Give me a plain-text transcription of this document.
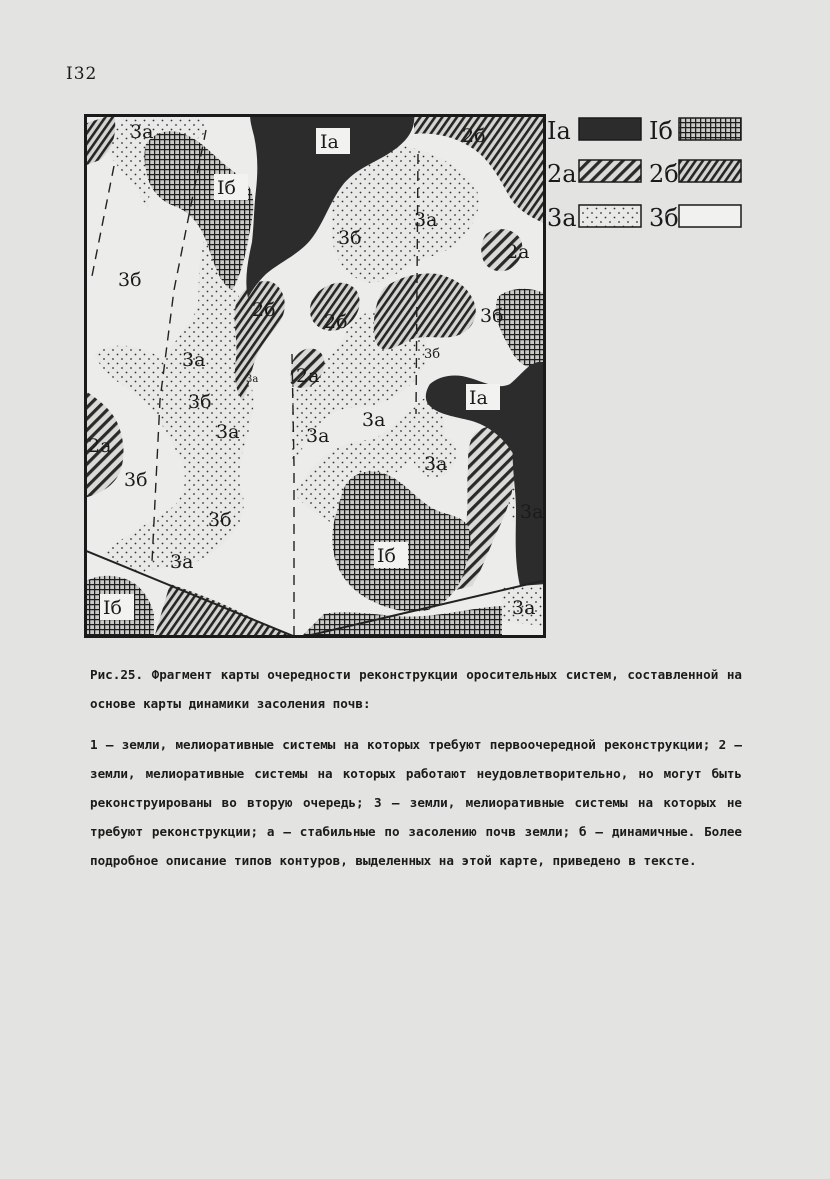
I32
Iа
Iб
2б
3а
3б
3а
3б
2а
2б
2б	3б
3б
3а
3а
3б
2а
3а
Iа
3а	3а
3б
3а
3б
2а
3а	Iб
3а
Iб	3а
Iа	Iб
2а	2б
3а	3б

Рис.25. Фрагмент карты очередности реконструкции оросительных систем, составленной на основе карты динамики засоления почв:

1 – земли, мелиоративные системы на которых требуют первоочередной реконструкции; 2 – земли, мелиоративные системы на которых работают неудовлетворительно, но могут быть реконструированы во вторую очередь; 3 – земли, мелиоративные системы на которых не требуют реконструкции; а – стабильные по засолению почв земли; б – динамичные. Более подробное описание типов контуров, выделенных на этой карте, приведено в тексте.
